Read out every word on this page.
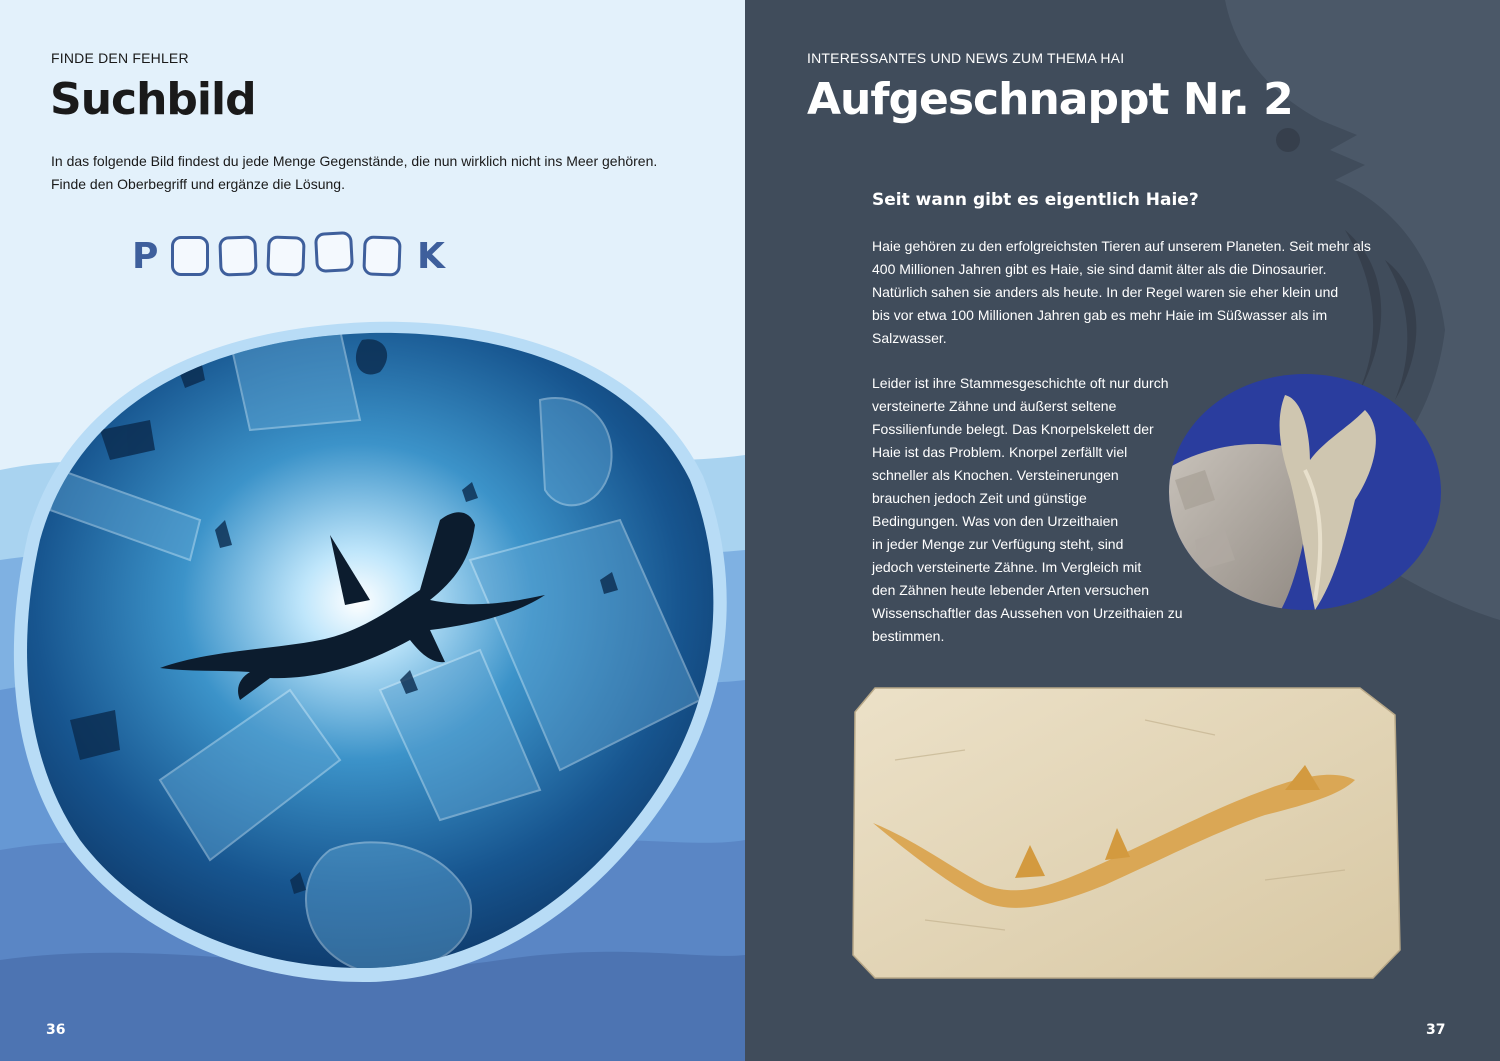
FINDE DEN FEHLER
Suchbild
In das folgende Bild findest du jede Menge Gegenstände, die nun wirklich nicht ins Meer gehören.
Finde den Oberbegriff und ergänze die Lösung.
P	K
36
INTERESSANTES UND NEWS ZUM THEMA HAI
Aufgeschnappt Nr. 2
Seit wann gibt es eigentlich Haie?
Haie gehören zu den erfolgreichsten Tieren auf unserem Planeten. Seit mehr als
400 Millionen Jahren gibt es Haie, sie sind damit älter als die Dinosaurier.
Natürlich sahen sie anders als heute. In der Regel waren sie eher klein und
bis vor etwa 100 Millionen Jahren gab es mehr Haie im Süßwasser als im
Salzwasser.
Leider ist ihre Stammesgeschichte oft nur durch
versteinerte Zähne und äußerst seltene
Fossilienfunde belegt. Das Knorpelskelett der
Haie ist das Problem. Knorpel zerfällt viel
schneller als Knochen. Versteinerungen
brauchen jedoch Zeit und günstige
Bedingungen. Was von den Urzeithaien
in jeder Menge zur Verfügung steht, sind
jedoch versteinerte Zähne. Im Vergleich mit
den Zähnen heute lebender Arten versuchen
Wissenschaftler das Aussehen von Urzeithaien zu
bestimmen.
37
